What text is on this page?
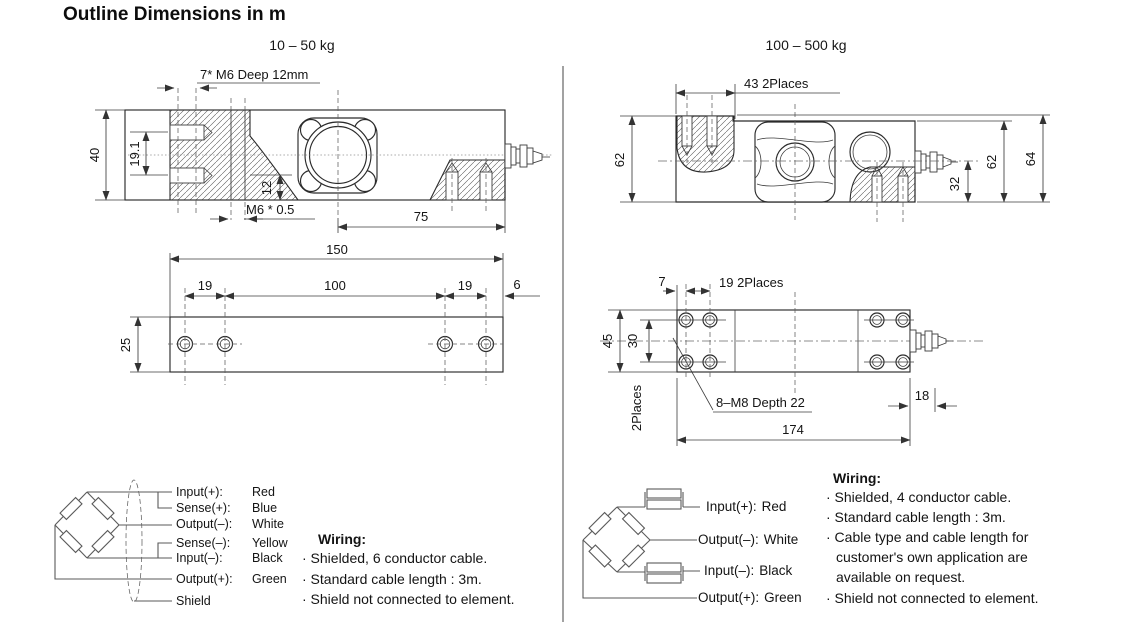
Outline Dimensions in m
10 – 50 kg	100 – 500 kg
40 19.1
12
75
7* M6 Deep 12mm
M6 * 0.5
150
19	100	19	6
25
62
32
62 64
43 2Places
7	19 2Places
45 30
2Places	8–M8 Depth 22
174
18
Input(+): Red
Sense(+): Blue
Output(–): White
Sense(–): Yellow
Input(–): Black
Output(+): Green
Shield
Wiring:
· Shielded, 6 conductor cable.
· Standard cable length : 3m.
· Shield not connected to element.
Input(+): Red
Output(–): White
Input(–): Black
Output(+): Green
Wiring:
· Shielded, 4 conductor cable.
· Standard cable length : 3m.
· Cable type and cable length for
customer's own application are
available on request.
· Shield not connected to element.
